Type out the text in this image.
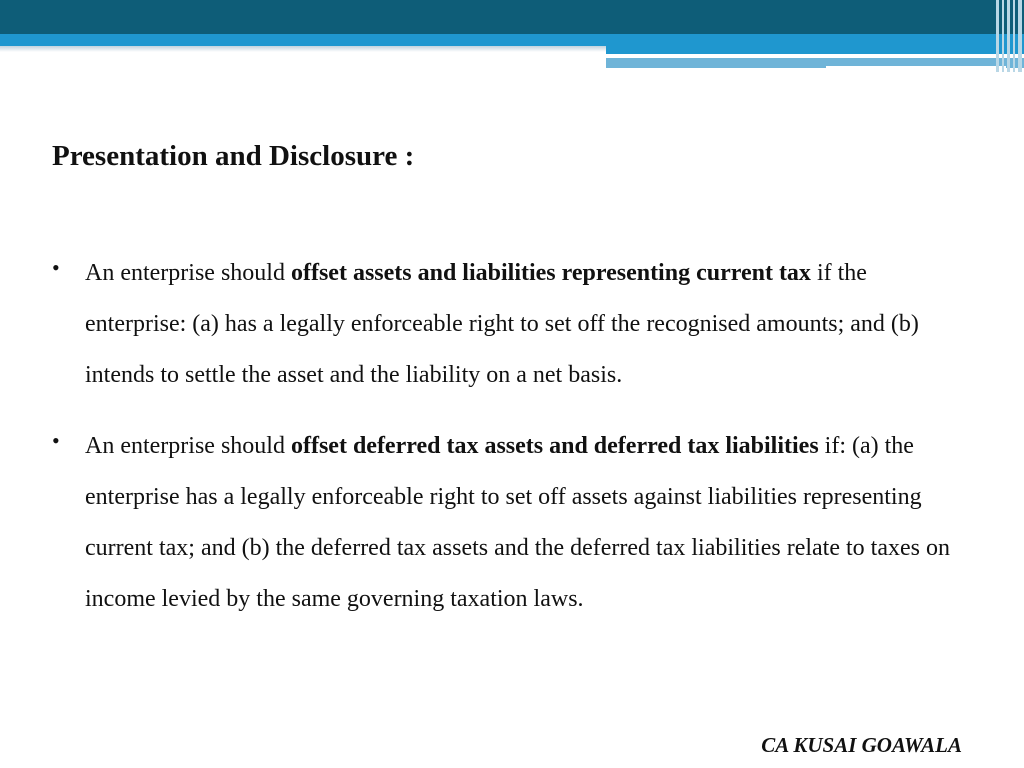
Presentation and Disclosure :
• An enterprise should offset assets and liabilities representing current tax if the enterprise: (a) has a legally enforceable right to set off the recognised amounts; and (b) intends to settle the asset and the liability on a net basis.
• An enterprise should offset deferred tax assets and deferred tax liabilities if: (a) the enterprise has a legally enforceable right to set off assets against liabilities representing current tax; and (b) the deferred tax assets and the deferred tax liabilities relate to taxes on income levied by the same governing taxation laws.
CA KUSAI GOAWALA
